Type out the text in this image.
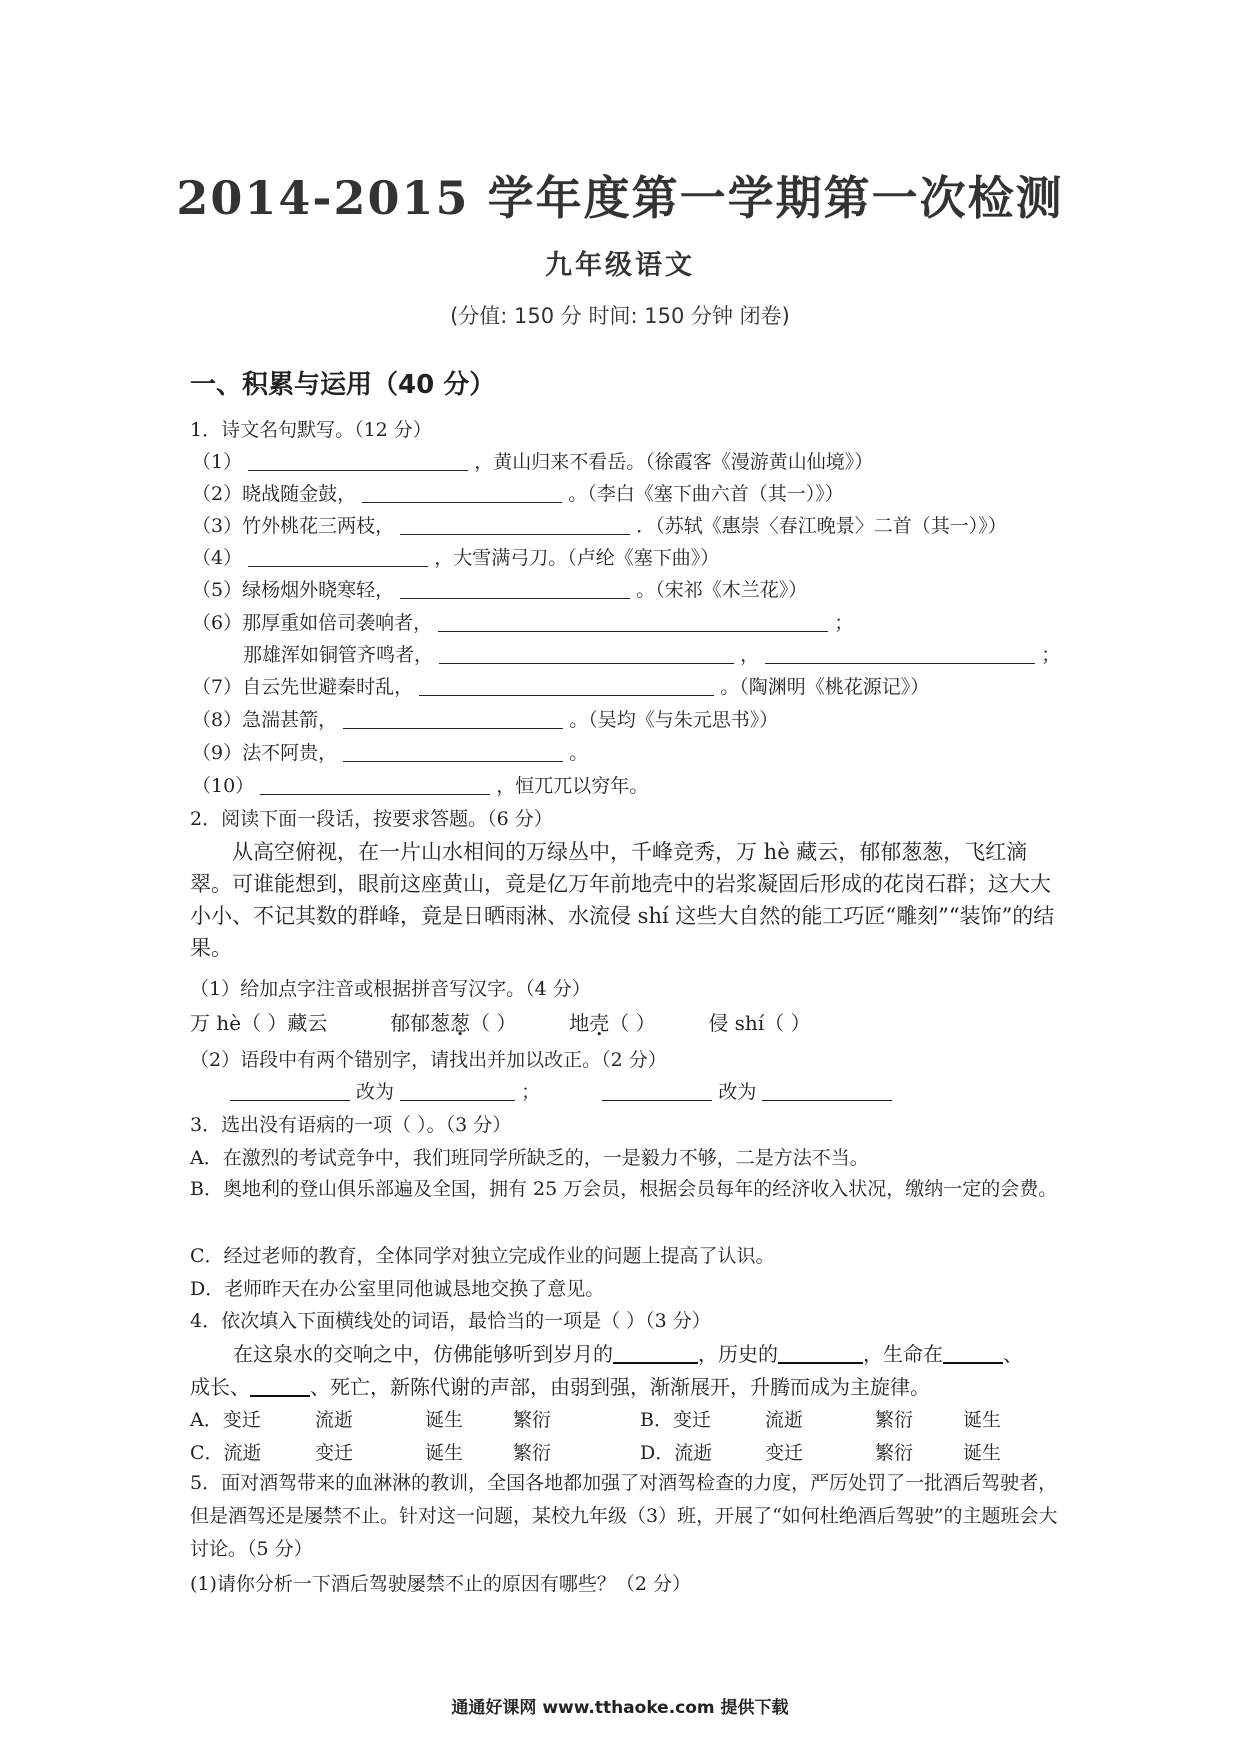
2014-2015 学年度第一学期第一次检测
九年级语文
(分值: 150 分 时间: 150 分钟 闭卷)
一、积累与运用（40 分）
1．诗文名句默写。（12 分）
（1）	，黄山归来不看岳。（徐霞客《漫游黄山仙境》）
（2）晓战随金鼓，	。（李白《塞下曲六首（其一）》）
（3）竹外桃花三两枝，	．（苏轼《惠崇〈春江晚景〉二首（其一）》）
（4）	，大雪满弓刀。（卢纶《塞下曲》）
（5）绿杨烟外晓寒轻，	。（宋祁《木兰花》）
（6）那厚重如倍司袭响者，	；
那雄浑如铜管齐鸣者，	，	；
（7）自云先世避秦时乱，	。（陶渊明《桃花源记》）
（8）急湍甚箭，	。（吴均《与朱元思书》）
（9）法不阿贵，	。
（10）	，恒兀兀以穷年。
2．阅读下面一段话，按要求答题。（6 分）
从高空俯视，在一片山水相间的万绿丛中，千峰竞秀，万 hè 藏云，郁郁葱葱，飞红滴翠。可谁能想到，眼前这座黄山，竟是亿万年前地壳中的岩浆凝固后形成的花岗石群；这大大小小、不记其数的群峰，竟是日晒雨淋、水流侵 shí 这些大自然的能工巧匠“雕刻”“装饰”的结果。
（1）给加点字注音或根据拼音写汉字。（4 分）
万 hè（ ）藏云	郁郁葱葱（ ）	地壳（ ）	侵 shí（ ）
（2）语段中有两个错别字，请找出并加以改正。（2 分）
改为	；	改为
3．选出没有语病的一项（ ）。（3 分）
A．在激烈的考试竞争中，我们班同学所缺乏的，一是毅力不够，二是方法不当。
B．奥地利的登山俱乐部遍及全国，拥有 25 万会员，根据会员每年的经济收入状况，缴纳一定的会费。
C．经过老师的教育，全体同学对独立完成作业的问题上提高了认识。
D．老师昨天在办公室里同他诚恳地交换了意见。
4．依次填入下面横线处的词语，最恰当的一项是（ ）（3 分）
在这泉水的交响之中，仿佛能够听到岁月的	，历史的	，生命在	、
成长、	、死亡，新陈代谢的声部，由弱到强，渐渐展开，升腾而成为主旋律。
A．变迁	流逝	诞生	繁衍	B．变迁	流逝	繁衍	诞生
C．流逝	变迁	诞生	繁衍	D．流逝	变迁	繁衍	诞生
5．面对酒驾带来的血淋淋的教训，全国各地都加强了对酒驾检查的力度，严厉处罚了一批酒后驾驶者，但是酒驾还是屡禁不止。针对这一问题，某校九年级（3）班，开展了“如何杜绝酒后驾驶”的主题班会大讨论。（5 分）
(1)请你分析一下酒后驾驶屡禁不止的原因有哪些？（2 分）
通通好课网 www.tthaoke.com 提供下载
